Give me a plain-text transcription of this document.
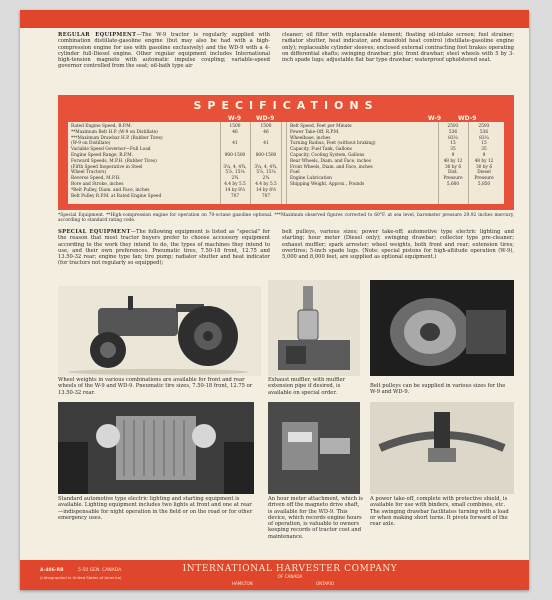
REGULAR EQUIPMENT—The W-9 tractor is regularly supplied with combination distillate-gasoline engine (but may also be had with a high-compression engine for use with gasoline exclusively) and the WD-9 with a 4-cylinder full-Diesel engine. Other regular equipment includes International high-tension magneto with automatic impulse coupling; variable-speed governor controlled from the seat; oil-bath type air
cleaner; oil filter with replaceable element; floating oil-intake screen; fuel strainer; radiator shutter, heat indicator, and manifold heat control (distillate-gasoline engine only); replaceable cylinder sleeves; enclosed external contracting foot brakes operating on differential shafts; swinging drawbar; pto; front drawbar; steel wheels with 5 by 3-inch spade lugs; adjustable flat bar type drawbar; waterproof upholstered seat.
SPECIFICATIONS
W-9 WD-9	W-9	WD-9
Rated Engine Speed, R.P.M.	1500	1500
**Maximum Belt H.P. (W-9 on Distillate)	46	46
***Maximum Drawbar H.P. (Rubber Tires)
(W-9 on Distillate)	41	41
Variable Speed Governor—Full Load
Engine Speed Range, R.P.M.	900-1500	800-1500
Forward Speeds, M.P.H. (Rubber Tires)
(Fifth Speed Inoperative in Steel	3¼, 4, 4¾,	3¼, 4, 4¾,
Wheel Tractors)	5⅞, 15¼	5⅞, 15¼
Reverse Speed, M.P.H.	2¾	2¾
Bore and Stroke, inches	4.4 by 5.5	4.4 by 5.5
*Belt Pulley, Diam. and Face, inches	14 by 8½	14 by 8½
Belt Pulley R.P.M. at Rated Engine Speed	707	707
Belt Speed, Feet per Minute	2593	2593
Power Take-Off, R.P.M.	536	536
Wheelbase, inches	83¼	83¼
Turning Radius, Feet (without braking)	15	15
Capacity, Fuel Tank, Gallons	35	35
Capacity, Cooling System, Gallons	9	9
Rear Wheels, Diam. and Face, inches	48 by 12	48 by 12
Front Wheels, Diam. and Face, inches	30 by 6	30 by 6
Fuel	Dist.	Diesel
Engine Lubrication	Pressure	Pressure
Shipping Weight, Approx., Pounds	5,600	5,850
*Special Equipment. **High-compression engine for operation on 70-octane gasoline optional. ***Maximum observed figures corrected to 60°F. at sea level, barometer pressure 29.92 inches mercury, according to standard rating code.
SPECIAL EQUIPMENT—The following equipment is listed as "special" for the reason that most tractor buyers prefer to choose accessory equipment according to the work they intend to do, the types of machines they intend to use, and their own preferences. Pneumatic tires, 7.50-18 front, 12.75 and 13.50-32 rear; engine type fan; tire pump; radiator shutter and heat indicator (for tractors not regularly so equipped);
belt pulleys, various sizes; power take-off; automotive type electric lighting and starting; hour meter (Diesel only); swinging drawbar; collector type pre-cleaner; exhaust muffler; spark arrester; wheel weights, both front and rear; extension tires; overtires; 5-inch spade lugs. (Note: special pistons for high-altitude operation (W-9), 5,000 and 8,000 feet, are supplied as optional equipment.)
Wheel weights in various combinations are available for front and rear wheels of the W-9 and WD-9. Pneumatic tire sizes, 7.50-18 front, 12.75 or 13.50-32 rear.
Exhaust muffler, with muffler extension pipe if desired, is available on special order.
Belt pulleys can be supplied in various sizes for the W-9 and WD-9.
Standard automotive type electric lighting and starting equipment is available. Lighting equipment includes two lights at front and one at rear—indispensable for night operation in the field or on the road or for other emergency uses.
An hour meter attachment, which is driven off the magneto drive shaft, is available for the WD-9. This device, which records engine hours of operation, is valuable to owners keeping records of tractor cost and maintenance.
A power take-off, complete with protective shield, is available for use with binders, small combines, etc. The swinging drawbar facilitates turning with a load or when making short turns. It pivots forward of the rear axle.
A-406-RB	5-50 GEN. CANADA
(Lithographed in United States of America)
INTERNATIONAL HARVESTER COMPANY
OF CANADA
HAMILTON	ONTARIO
